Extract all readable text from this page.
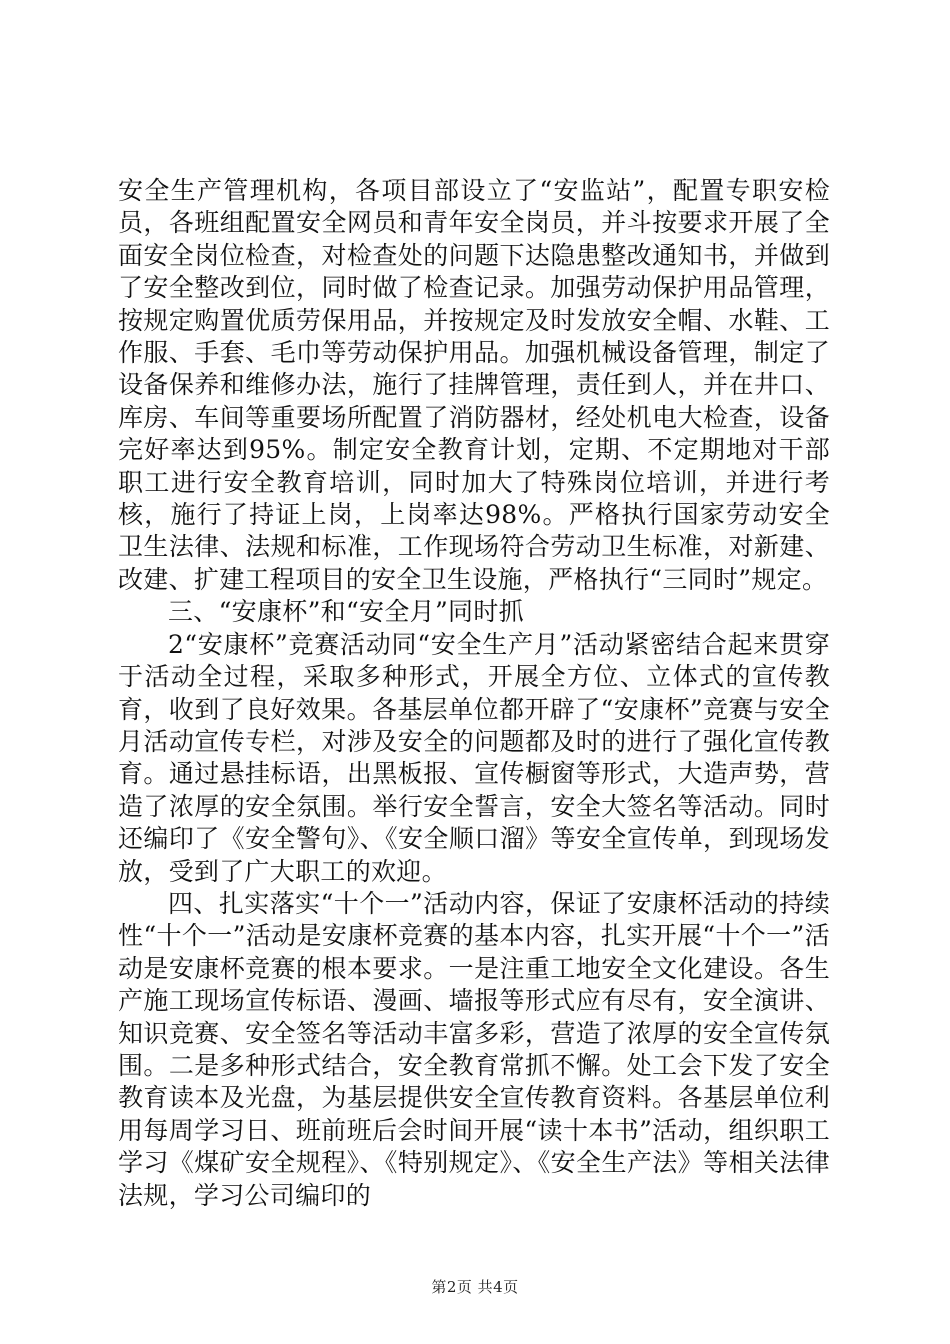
安全生产管理机构，各项目部设立了“安监站”，配置专职安检员，各班组配置安全网员和青年安全岗员，并斗按要求开展了全面安全岗位检查，对检查处的问题下达隐患整改通知书，并做到了安全整改到位，同时做了检查记录。加强劳动保护用品管理，按规定购置优质劳保用品，并按规定及时发放安全帽、水鞋、工作服、手套、毛巾等劳动保护用品。加强机械设备管理，制定了设备保养和维修办法，施行了挂牌管理，责任到人，并在井口、库房、车间等重要场所配置了消防器材，经处机电大检查，设备完好率达到95%。制定安全教育计划，定期、不定期地对干部职工进行安全教育培训，同时加大了特殊岗位培训，并进行考核，施行了持证上岗，上岗率达98%。严格执行国家劳动安全卫生法律、法规和标准，工作现场符合劳动卫生标准，对新建、改建、扩建工程项目的安全卫生设施，严格执行“三同时”规定。

三、“安康杯”和“安全月”同时抓

2“安康杯”竞赛活动同“安全生产月”活动紧密结合起来贯穿于活动全过程，采取多种形式，开展全方位、立体式的宣传教育，收到了良好效果。各基层单位都开辟了“安康杯”竞赛与安全月活动宣传专栏，对涉及安全的问题都及时的进行了强化宣传教育。通过悬挂标语，出黑板报、宣传橱窗等形式，大造声势，营造了浓厚的安全氛围。举行安全誓言，安全大签名等活动。同时还编印了《安全警句》、《安全顺口溜》等安全宣传单，到现场发放，受到了广大职工的欢迎。

四、扎实落实“十个一”活动内容，保证了安康杯活动的持续性“十个一”活动是安康杯竞赛的基本内容，扎实开展“十个一”活动是安康杯竞赛的根本要求。一是注重工地安全文化建设。各生产施工现场宣传标语、漫画、墙报等形式应有尽有，安全演讲、知识竞赛、安全签名等活动丰富多彩，营造了浓厚的安全宣传氛围。二是多种形式结合，安全教育常抓不懈。处工会下发了安全教育读本及光盘，为基层提供安全宣传教育资料。各基层单位利用每周学习日、班前班后会时间开展“读十本书”活动，组织职工学习《煤矿安全规程》、《特别规定》、《安全生产法》等相关法律法规，学习公司编印的

第2页 共4页
